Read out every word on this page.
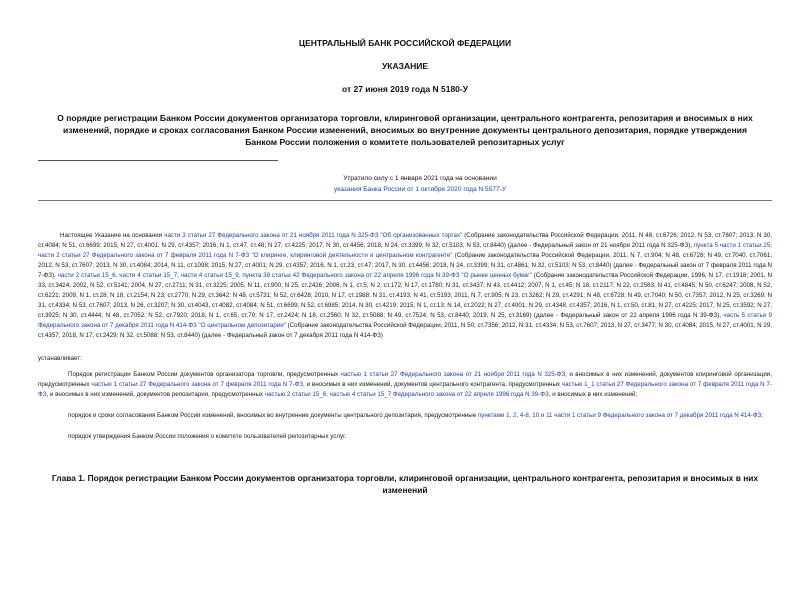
ЦЕНТРАЛЬНЫЙ БАНК РОССИЙСКОЙ ФЕДЕРАЦИИ
УКАЗАНИЕ
от 27 июня 2019 года N 5180-У
О порядке регистрации Банком России документов организатора торговли, клиринговой организации, центрального контрагента, репозитария и вносимых в них изменений, порядке и сроках согласования Банком России изменений, вносимых во внутренние документы центрального депозитария, порядке утверждения Банком России положения о комитете пользователей репозитарных услуг
Утратило силу с 1 января 2021 года на основании
указания Банка России от 1 октября 2020 года N 5577-У
Настоящее Указание на основании части 3 статьи 27 Федерального закона от 21 ноября 2011 года N 325-ФЗ "Об организованных торгах" (Собрание законодательства Российской Федерации, 2011, N 48, ст.6726; 2012, N 53, ст.7607; 2013, N 30, ст.4084; N 51, ст.6699; 2015, N 27, ст.4001; N 29, ст.4357; 2016, N 1, ст.47, ст.48; N 27, ст.4225; 2017, N 30, ст.4456; 2018, N 24, ст.3399; N 32, ст.5103; N 53, ст.8440) (далее - Федеральный закон от 21 ноября 2011 года N 325-ФЗ), пункта 5 части 1 статьи 25, части 2 статьи 27 Федерального закона от 7 февраля 2011 года N 7-ФЗ "О клиринге, клиринговой деятельности и центральном контрагенте" (Собрание законодательства Российской Федерации, 2011, N 7, ст.904; N 48, ст.6728; N 49, ст.7040, ст.7061; 2012, N 53, ст.7607; 2013, N 30, ст.4084; 2014, N 11, ст.1098; 2015, N 27, ст.4001; N 29, ст.4357; 2016, N 1, ст.23, ст.47; 2017, N 30, ст.4456; 2018, N 24, ст.3399; N 31, ст.4861; N 32, ст.5103; N 53, ст.8440) (далее - Федеральный закон от 7 февраля 2011 года N 7-ФЗ), части 2 статьи 15_6, части 4 статьи 15_7, части 4 статьи 15_9, пункта 38 статьи 42 Федерального закона от 22 апреля 1996 года N 39-ФЗ "О рынке ценных бумаг" (Собрание законодательства Российской Федерации, 1996, N 17, ст.1918; 2001, N 33, ст.3424; 2002, N 52, ст.5141; 2004, N 27, ст.2711; N 31, ст.3225; 2005, N 11, ст.900; N 25, ст.2426; 2006, N 1, ст.5; N 2, ст.172; N 17, ст.1780; N 31, ст.3437; N 43, ст.4412; 2007, N 1, ст.45; N 18, ст.2117; N 22, ст.2563; N 41, ст.4845; N 50, ст.6247; 2008, N 52, ст.6221; 2009, N 1, ст.28; N 18, ст.2154; N 23, ст.2770; N 29, ст.3642; N 48, ст.5731; N 52, ст.6428; 2010, N 17, ст.1988; N 31, ст.4193; N 41, ст.5193; 2011, N 7, ст.905; N 23, ст.3262; N 29, ст.4291; N 48, ст.6728; N 49, ст.7040; N 50, ст.7357; 2012, N 25, ст.3269; N 31, ст.4334; N 53, ст.7607; 2013, N 26, ст.3207; N 30, ст.4043, ст.4082, ст.4084; N 51, ст.6699; N 52, ст.6985; 2014, N 30, ст.4219; 2015, N 1, ст.13; N 14, ст.2022; N 27, ст.4001; N 29, ст.4348, ст.4357; 2016, N 1, ст.50, ст.81; N 27, ст.4225; 2017, N 25, ст.3592; N 27, ст.3925; N 30, ст.4444; N 48, ст.7052; N 52, ст.7920; 2018, N 1, ст.65, ст.70; N 17, ст.2424; N 18, ст.2560; N 32, ст.5088; N 49, ст.7524; N 53, ст.8440; 2019, N 25, ст.3169) (далее - Федеральный закон от 22 апреля 1996 года N 39-ФЗ), часть 5 статьи 9 Федерального закона от 7 декабря 2011 года N 414-ФЗ "О центральном депозитарии" (Собрание законодательства Российской Федерации, 2011, N 50, ст.7356; 2012, N 31, ст.4334; N 53, ст.7607; 2013, N 27, ст.3477; N 30, ст.4084; 2015, N 27, ст.4001; N 29, ст.4357; 2018, N 17, ст.2429; N 32, ст.5088; N 53, ст.8440) (далее - Федеральный закон от 7 декабря 2011 года N 414-ФЗ)
устанавливает:
Порядок регистрации Банком России документов организатора торговли, предусмотренных частью 1 статьи 27 Федерального закона от 21 ноября 2011 года N 325-ФЗ, и вносимых в них изменений, документов клиринговой организации, предусмотренных частью 1 статьи 27 Федерального закона от 7 февраля 2011 года N 7-ФЗ, и вносимых в них изменений, документов центрального контрагента, предусмотренных частью 1_1 статьи 27 Федерального закона от 7 февраля 2011 года N 7-ФЗ, и вносимых в них изменений, документов репозитария, предусмотренных частью 2 статьи 15_6, частью 4 статьи 15_7 Федерального закона от 22 апреля 1996 года N 39-ФЗ, и вносимых в них изменений;
порядок и сроки согласования Банком России изменений, вносимых во внутренние документы центрального депозитария, предусмотренные пунктами 1, 2, 4-8, 10 и 11 части 1 статьи 9 Федерального закона от 7 декабря 2011 года N 414-ФЗ;
порядок утверждения Банком России положения о комитете пользователей репозитарных услуг.
Глава 1. Порядок регистрации Банком России документов организатора торговли, клиринговой организации, центрального контрагента, репозитария и вносимых в них изменений
